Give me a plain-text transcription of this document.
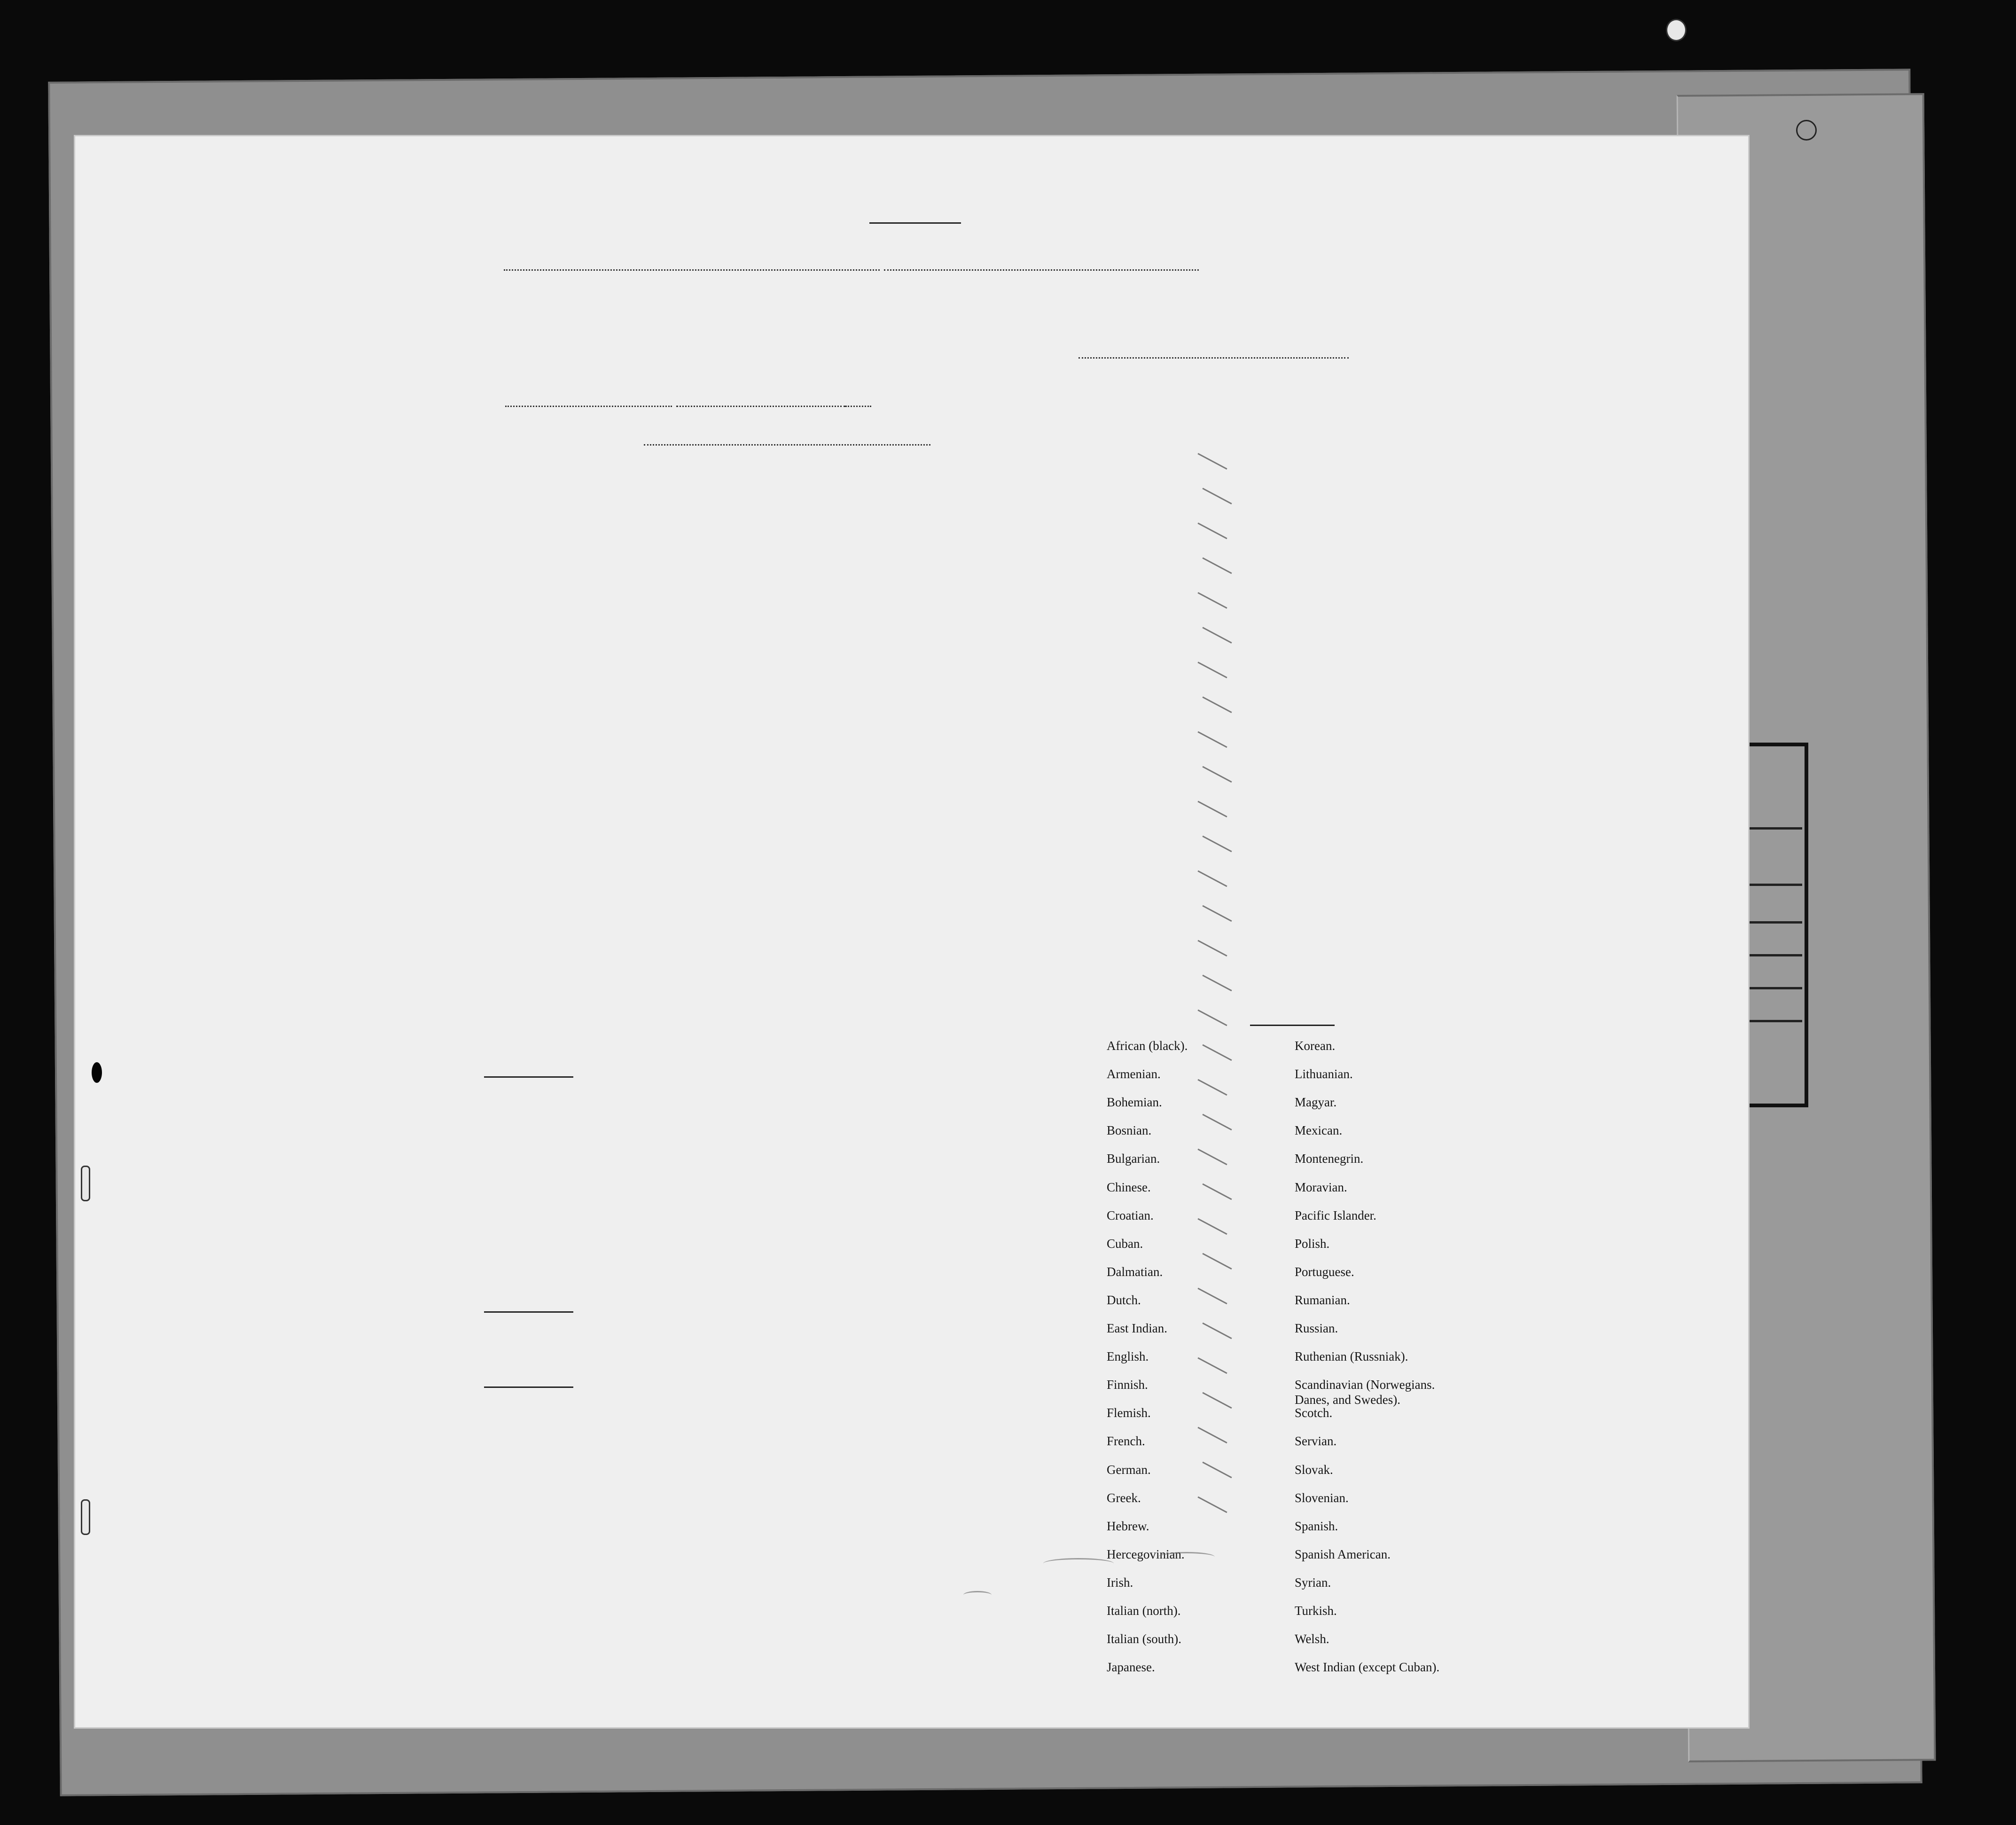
African (black).
Armenian.
Bohemian.
Bosnian.
Bulgarian.
Chinese.
Croatian.
Cuban.
Dalmatian.
Dutch.
East Indian.
English.
Finnish.
Flemish.
French.
German.
Greek.
Hebrew.
Hercegovinian.
Irish.
Italian (north).
Italian (south).
Japanese.
Korean.
Lithuanian.
Magyar.
Mexican.
Montenegrin.
Moravian.
Pacific Islander.
Polish.
Portuguese.
Rumanian.
Russian.
Ruthenian (Russniak).
Scandinavian (Norwegians.
Danes, and Swedes).
Scotch.
Servian.
Slovak.
Slovenian.
Spanish.
Spanish American.
Syrian.
Turkish.
Welsh.
West Indian (except Cuban).
